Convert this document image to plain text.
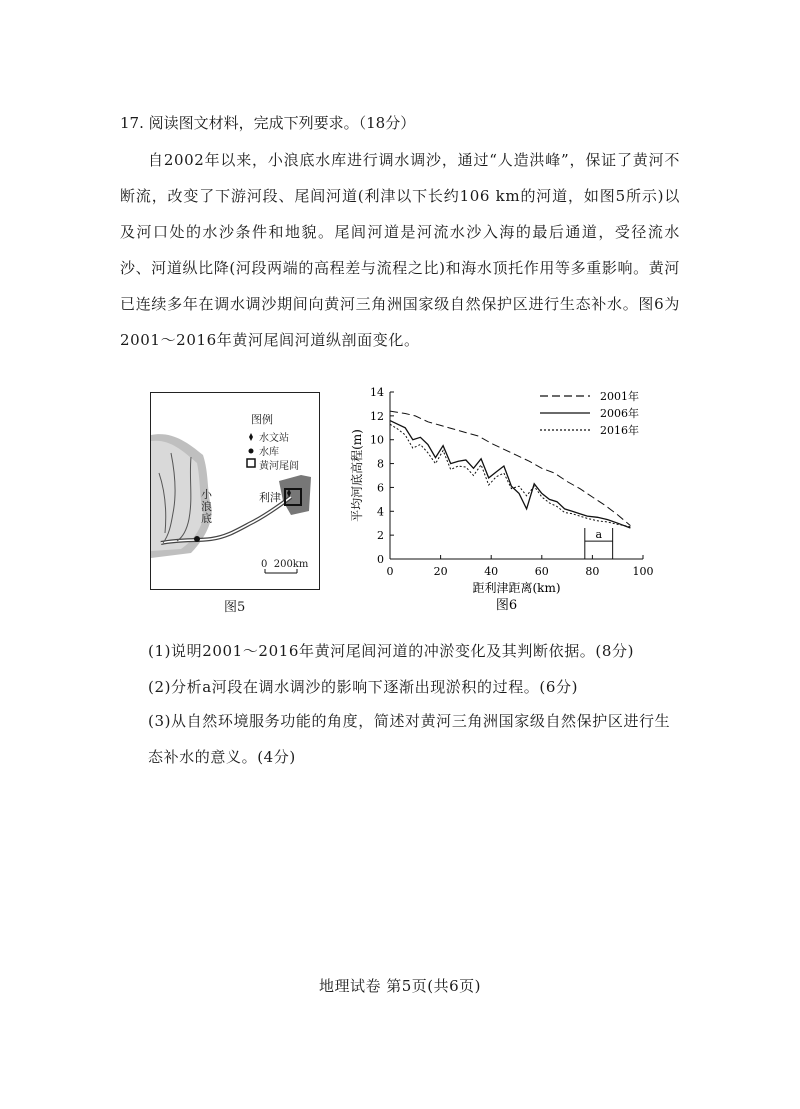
17. 阅读图文材料，完成下列要求。（18分）
自2002年以来，小浪底水库进行调水调沙，通过“人造洪峰”，保证了黄河不断流，改变了下游河段、尾闾河道(利津以下长约106 km的河道，如图5所示)以及河口处的水沙条件和地貌。尾闾河道是河流水沙入海的最后通道，受径流水沙、河道纵比降(河段两端的高程差与流程之比)和海水顶托作用等多重影响。黄河已连续多年在调水调沙期间向黄河三角洲国家级自然保护区进行生态补水。图6为2001～2016年黄河尾闾河道纵剖面变化。
图例
水文站
水库
黄河尾闾
小浪底
利津
0  200km
图5
0
2
4
6
8
10
12
14
0	20	40	60	80	100
距利津距离(km)
平均河底高程(m)
图6
2001年
2006年
2016年
a
(1)说明2001～2016年黄河尾闾河道的冲淤变化及其判断依据。(8分)
(2)分析a河段在调水调沙的影响下逐渐出现淤积的过程。(6分)
(3)从自然环境服务功能的角度，简述对黄河三角洲国家级自然保护区进行生态补水的意义。(4分)
地理试卷 第5页(共6页)
